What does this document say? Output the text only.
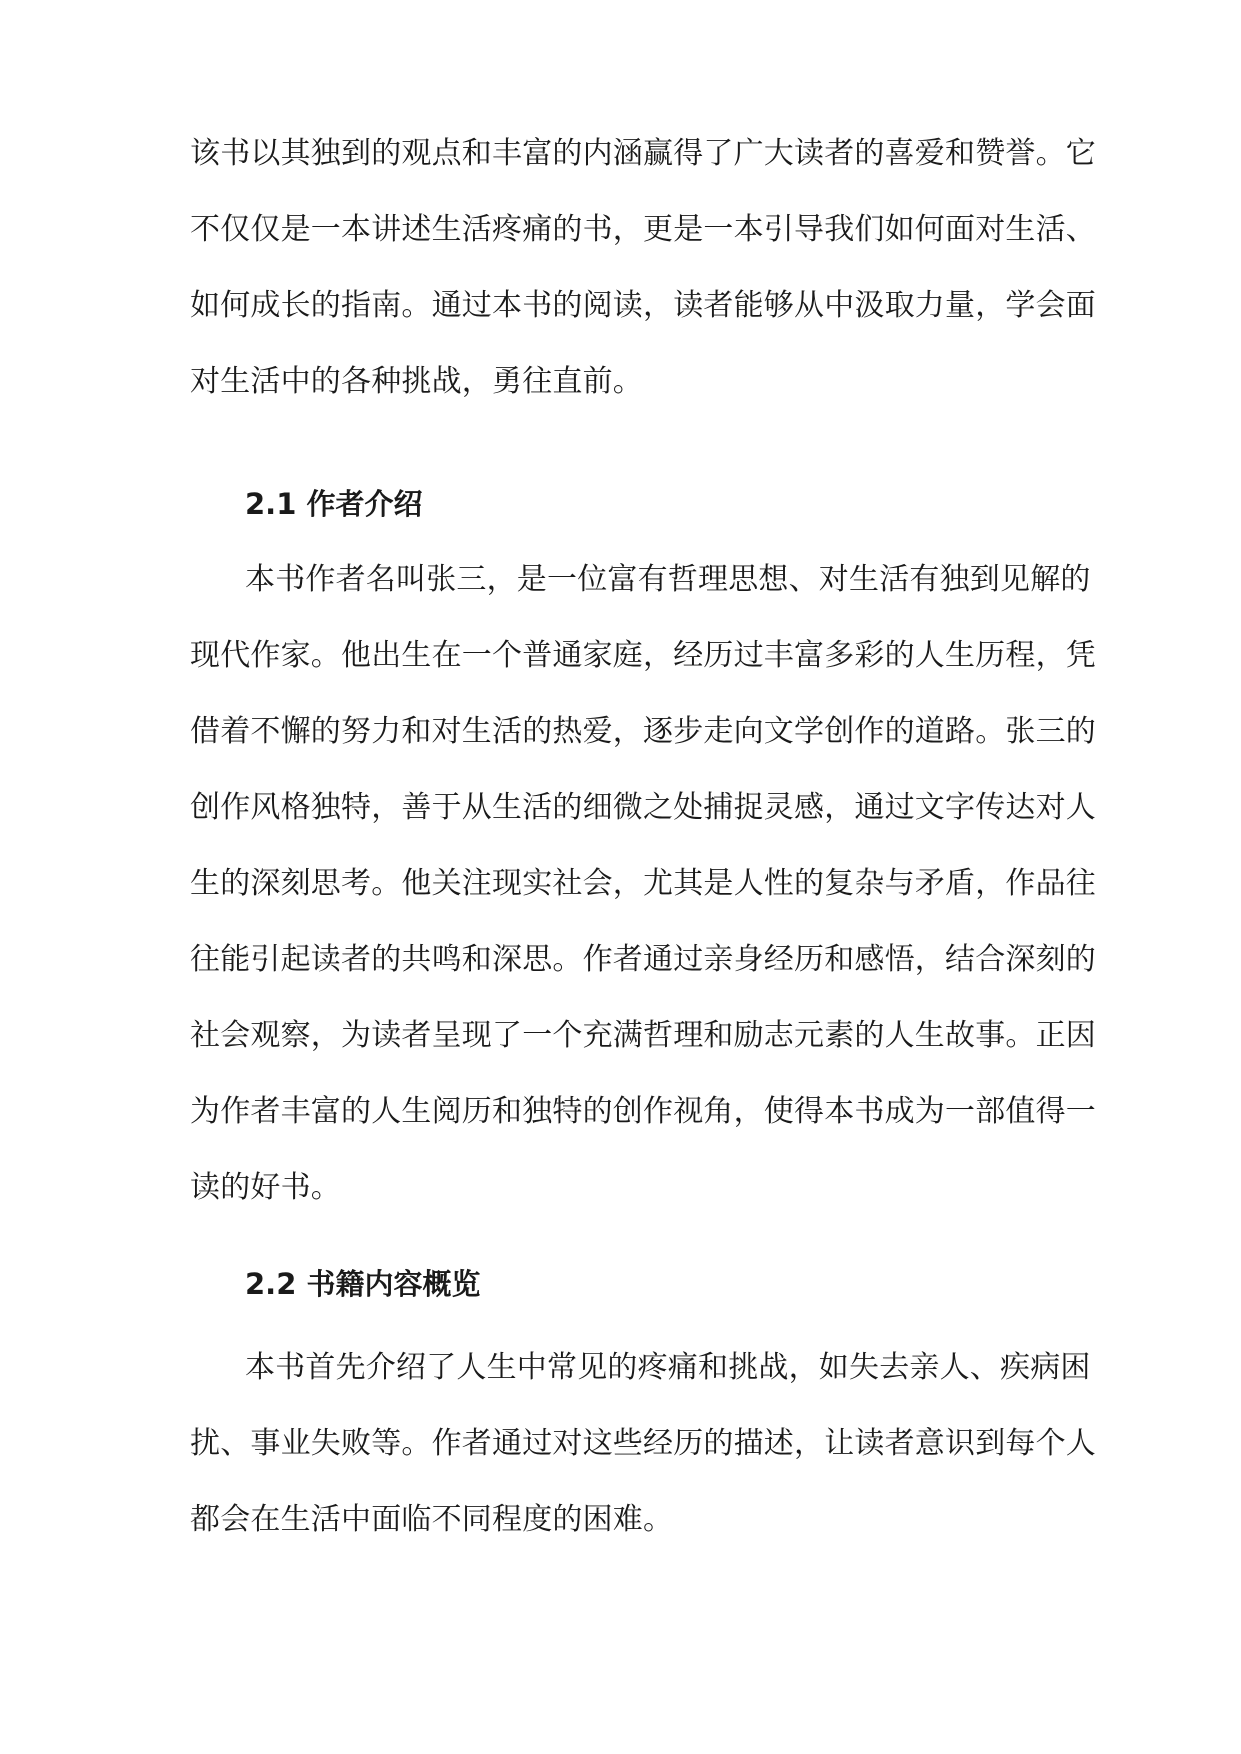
该书以其独到的观点和丰富的内涵赢得了广大读者的喜爱和赞誉。它
不仅仅是一本讲述生活疼痛的书，更是一本引导我们如何面对生活、
如何成长的指南。通过本书的阅读，读者能够从中汲取力量，学会面
对生活中的各种挑战，勇往直前。
2.1 作者介绍
本书作者名叫张三，是一位富有哲理思想、对生活有独到见解的
现代作家。他出生在一个普通家庭，经历过丰富多彩的人生历程，凭
借着不懈的努力和对生活的热爱，逐步走向文学创作的道路。张三的
创作风格独特，善于从生活的细微之处捕捉灵感，通过文字传达对人
生的深刻思考。他关注现实社会，尤其是人性的复杂与矛盾，作品往
往能引起读者的共鸣和深思。作者通过亲身经历和感悟，结合深刻的
社会观察，为读者呈现了一个充满哲理和励志元素的人生故事。正因
为作者丰富的人生阅历和独特的创作视角，使得本书成为一部值得一
读的好书。
2.2 书籍内容概览
本书首先介绍了人生中常见的疼痛和挑战，如失去亲人、疾病困
扰、事业失败等。作者通过对这些经历的描述，让读者意识到每个人
都会在生活中面临不同程度的困难。
